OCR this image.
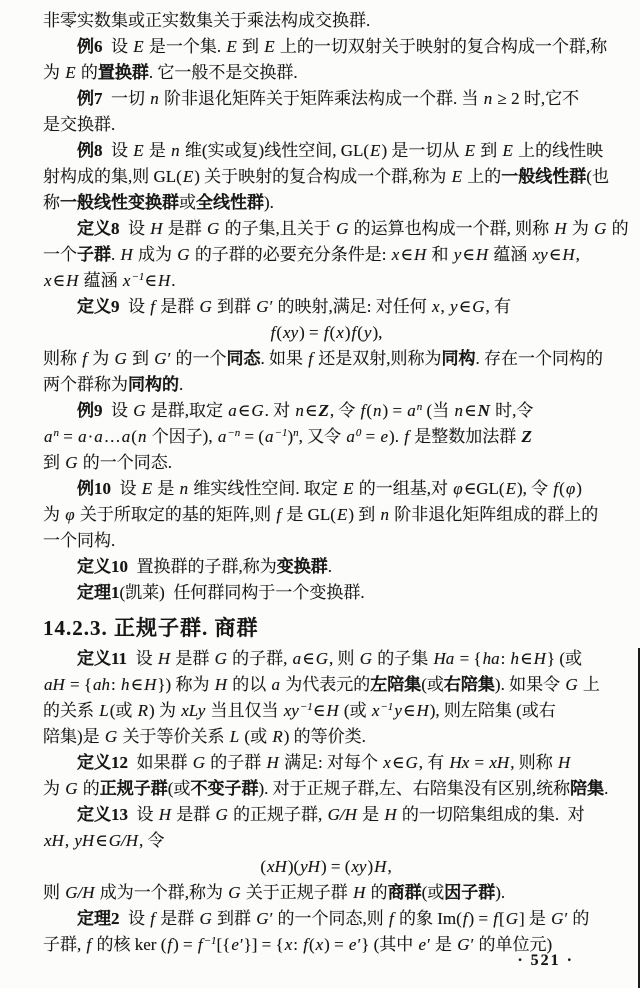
非零实数集或正实数集关于乘法构成交换群.
例6  设 E 是一个集. E 到 E 上的一切双射关于映射的复合构成一个群,称
为 E 的置换群. 它一般不是交换群.
例7  一切 n 阶非退化矩阵关于矩阵乘法构成一个群. 当 n ≥ 2 时,它不
是交换群.
例8  设 E 是 n 维(实或复)线性空间, GL(E) 是一切从 E 到 E 上的线性映
射构成的集,则 GL(E) 关于映射的复合构成一个群,称为 E 上的一般线性群(也
称一般线性变换群或全线性群).
定义8  设 H 是群 G 的子集,且关于 G 的运算也构成一个群, 则称 H 为 G 的
一个子群. H 成为 G 的子群的必要充分条件是: x∈H 和 y∈H 蕴涵 xy∈H,
x∈H 蕴涵 $x^{-1}\in H$.
定义9  设 f 是群 G 到群 G′ 的映射,满足: 对任何 x, y∈G, 有
f(xy) = f(x)f(y),
则称 f 为 G 到 G′ 的一个同态. 如果 f 还是双射,则称为同构. 存在一个同构的
两个群称为同构的.
例9  设 G 是群,取定 a∈G. 对 n∈Z, 令 $f(n) = a^n$ (当 n∈N 时,令
$a^n$ = a·a…a(n 个因子), $a^{-n} = (a^{-1})^n$, 又令 $a^0 = e$). f 是整数加法群 Z
到 G 的一个同态.
例10  设 E 是 n 维实线性空间. 取定 E 的一组基,对 φ∈GL(E), 令 f(φ)
为 φ 关于所取定的基的矩阵,则 f 是 GL(E) 到 n 阶非退化矩阵组成的群上的
一个同构.
定义10  置换群的子群,称为变换群.
定理1(凯莱)  任何群同构于一个变换群.
14.2.3. 正规子群. 商群
定义11  设 H 是群 G 的子群, a∈G, 则 G 的子集 Ha = {ha: h∈H} (或
aH = {ah: h∈H}) 称为 H 的以 a 为代表元的左陪集(或右陪集). 如果令 G 上
的关系 L(或 R) 为 xLy 当且仅当 $xy^{-1}\in H$ (或 $x^{-1}y\in H$), 则左陪集 (或右
陪集)是 G 关于等价关系 L (或 R) 的等价类.
定义12  如果群 G 的子群 H 满足: 对每个 x∈G, 有 Hx = xH, 则称 H
为 G 的正规子群(或不变子群). 对于正规子群,左、右陪集没有区别,统称陪集.
定义13  设 H 是群 G 的正规子群, G/H 是 H 的一切陪集组成的集.  对
xH, yH∈G/H, 令
(xH)(yH) = (xy)H,
则 G/H 成为一个群,称为 G 关于正规子群 H 的商群(或因子群).
定理2  设 f 是群 G 到群 G′ 的一个同态,则 f 的象 Im(f) = f[G] 是 G′ 的
子群, f 的核 ker $(f) = f^{-1}[\{e'\}] = \{x$: f(x) = e′} (其中 e′ 是 G′ 的单位元)
· 521 ·
